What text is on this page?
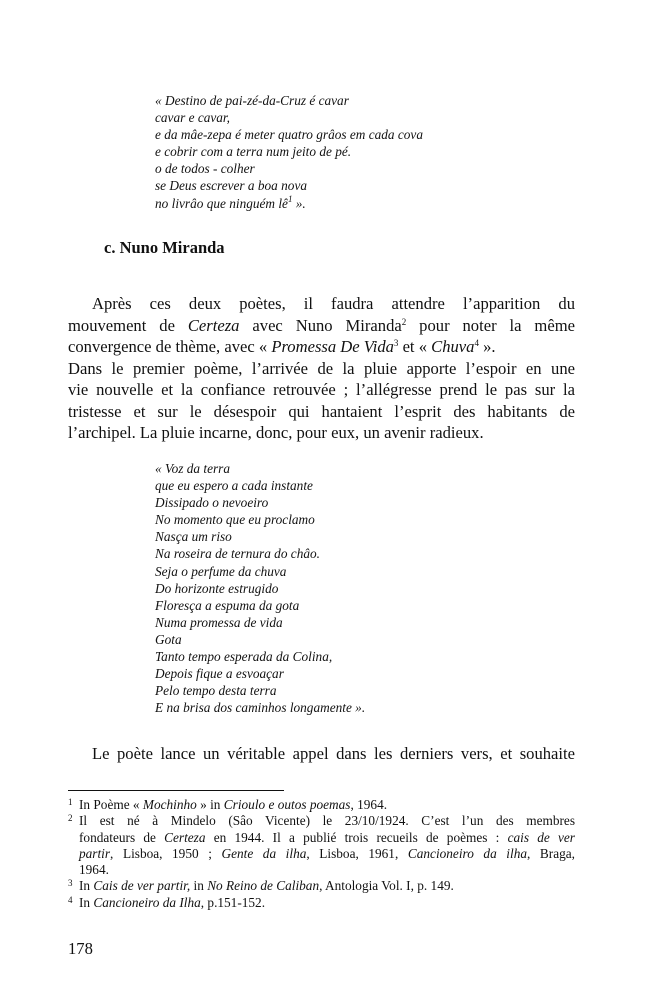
« Destino de pai-zé-da-Cruz é cavar
cavar e cavar,
e da mâe-zepa é meter quatro grâos em cada cova
e cobrir com a terra num jeito de pé.
o de todos - colher
se Deus escrever a boa nova
no livrâo que ninguém $lê^1$ ».
c. Nuno Miranda
Après ces deux poètes, il faudra attendre l’apparition du
mouvement de Certeza avec Nuno Miranda$^2$ pour noter la même
convergence de thème, avec « Promessa De Vida$^3$ et « Chuva$^4$ ».
Dans le premier poème, l’arrivée de la pluie apporte l’espoir en une
vie nouvelle et la confiance retrouvée ; l’allégresse prend le pas sur la
tristesse et sur le désespoir qui hantaient l’esprit des habitants de
l’archipel. La pluie incarne, donc, pour eux, un avenir radieux.
« Voz da terra
que eu espero a cada instante
Dissipado o nevoeiro
No momento que eu proclamo
Nasça um riso
Na roseira de ternura do châo.
Seja o perfume da chuva
Do horizonte estrugido
Floresça a espuma da gota
Numa promessa de vida
Gota
Tanto tempo esperada da Colina,
Depois fique a esvoaçar
Pelo tempo desta terra
E na brisa dos caminhos longamente ».
Le poète lance un véritable appel dans les derniers vers, et souhaite
1 In Poème « Mochinho » in Crioulo e outos poemas, 1964.
2 Il est né à Mindelo (Sâo Vicente) le 23/10/1924. C’est l’un des membres
fondateurs de Certeza en 1944. Il a publié trois recueils de poèmes : cais de ver
partir, Lisboa, 1950 ; Gente da ilha, Lisboa, 1961, Cancioneiro da ilha, Braga,
1964.
3 In Cais de ver partir, in No Reino de Caliban, Antologia Vol. I, p. 149.
4 In Cancioneiro da Ilha, p.151-152.
178
